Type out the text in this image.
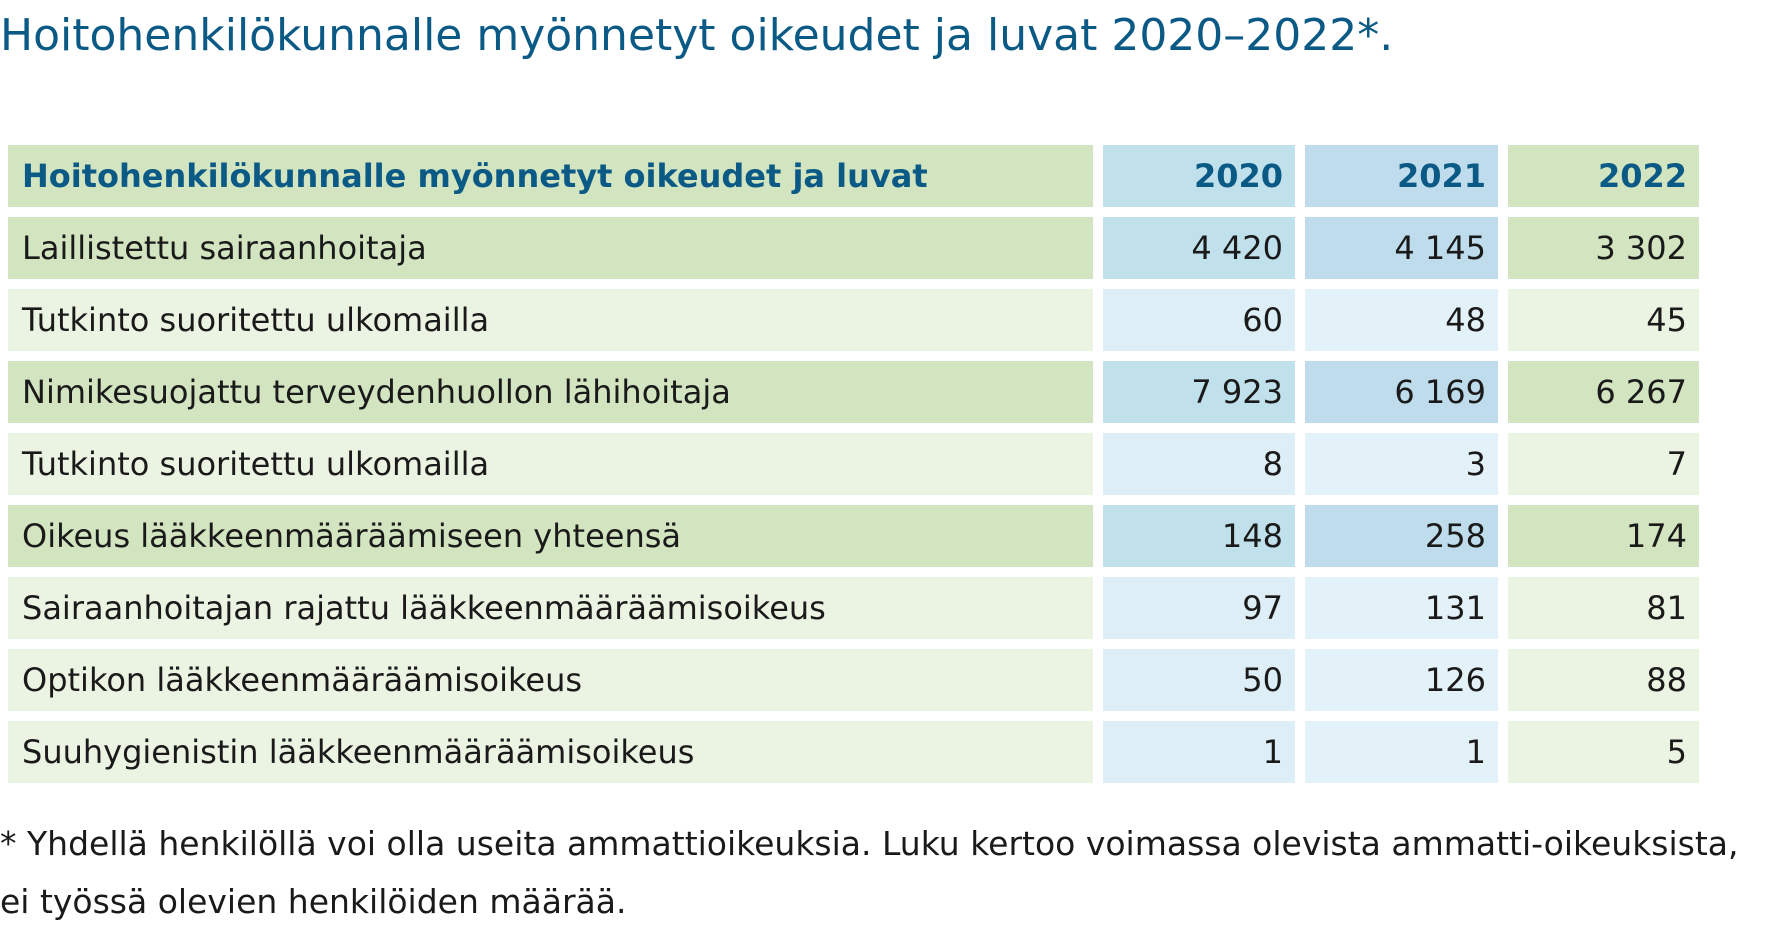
Hoitohenkilökunnalle myönnetyt oikeudet ja luvat 2020–2022*.
Hoitohenkilökunnalle myönnetyt oikeudet ja luvat	2020	2021	2022
Laillistettu sairaanhoitaja	4 420	4 145	3 302
Tutkinto suoritettu ulkomailla	60	48	45
Nimikesuojattu terveydenhuollon lähihoitaja	7 923	6 169	6 267
Tutkinto suoritettu ulkomailla	8	3	7
Oikeus lääkkeenmääräämiseen yhteensä	148	258	174
Sairaanhoitajan rajattu lääkkeenmääräämisoikeus	97	131	81
Optikon lääkkeenmääräämisoikeus	50	126	88
Suuhygienistin lääkkeenmääräämisoikeus	1	1	5
* Yhdellä henkilöllä voi olla useita ammattioikeuksia. Luku kertoo voimassa olevista ammatti-oikeuksista, ei työssä olevien henkilöiden määrää.
